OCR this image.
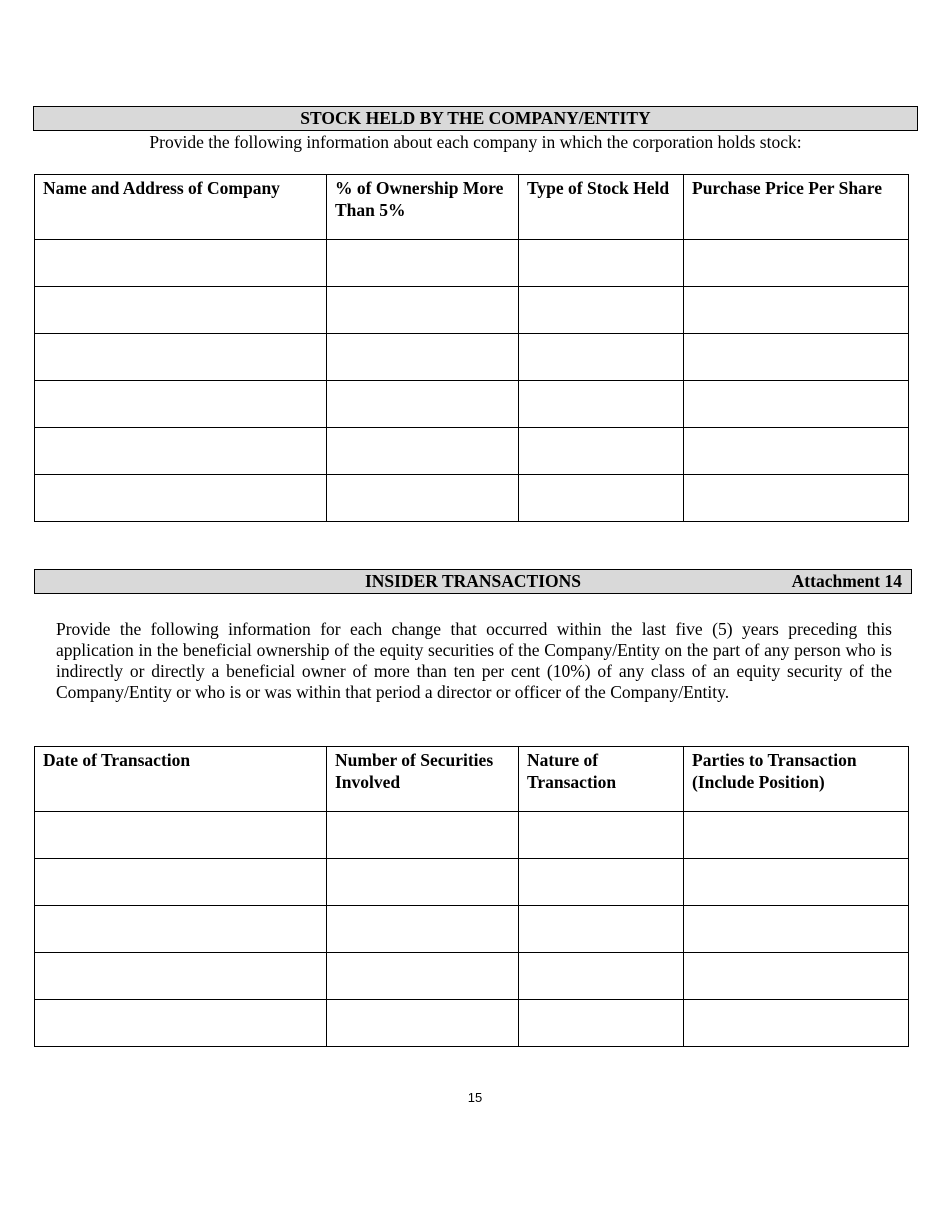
STOCK HELD BY THE COMPANY/ENTITY
Provide the following information about each company in which the corporation holds stock:
Name and Address of Company	% of Ownership More Than 5%	Type of Stock Held	Purchase Price Per Share

INSIDER TRANSACTIONS	Attachment 14
Provide the following information for each change that occurred within the last five (5) years preceding this application in the beneficial ownership of the equity securities of the Company/Entity on the part of any person who is indirectly or directly a beneficial owner of more than ten per cent (10%) of any class of an equity security of the Company/Entity or who is or was within that period a director or officer of the Company/Entity.
Date of Transaction	Number of Securities Involved	Nature of Transaction	Parties to Transaction (Include Position)

15
